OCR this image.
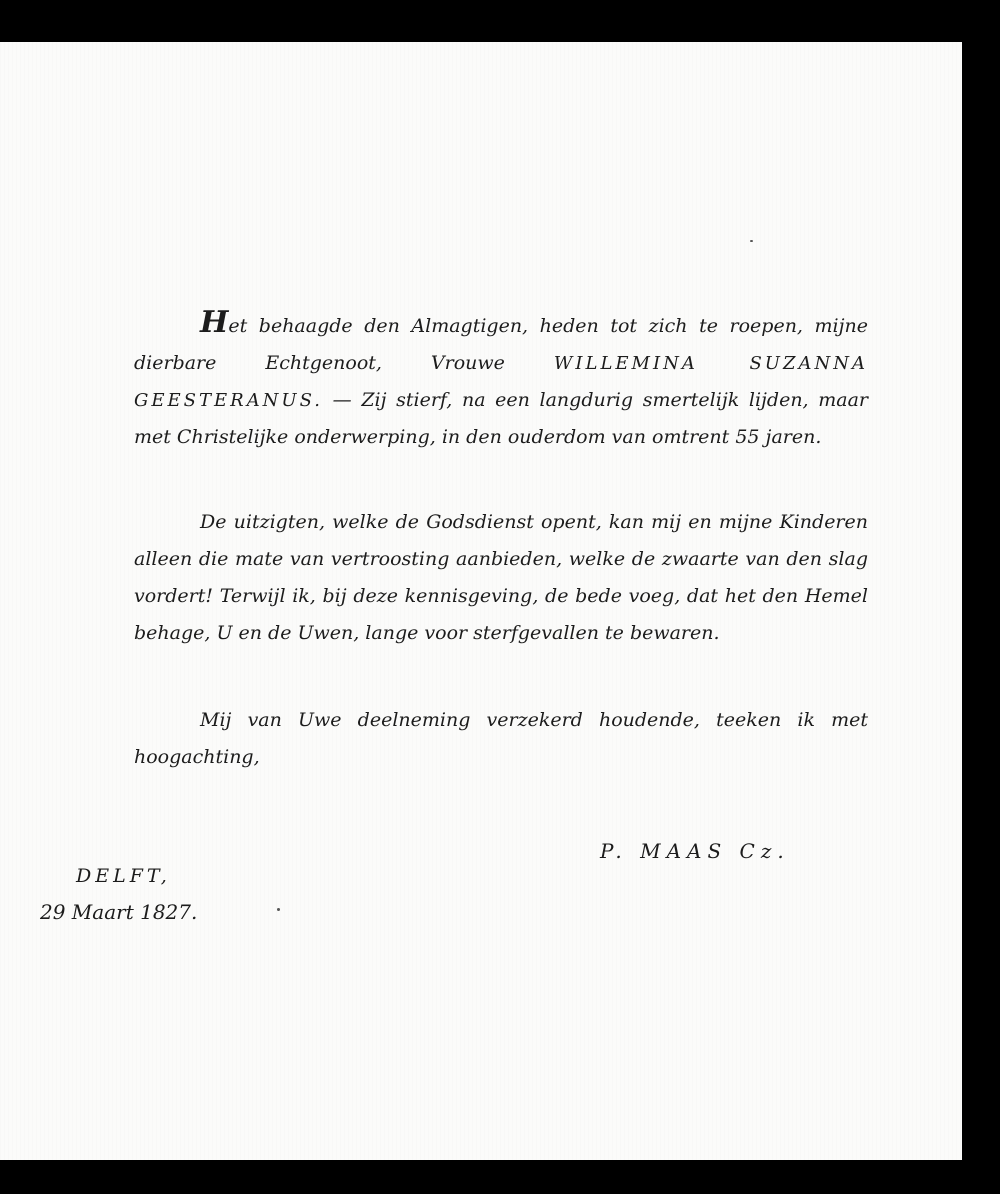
Het behaagde den Almagtigen, heden tot zich te roepen, mijne dierbare Echtgenoot, Vrouwe WILLEMINA SUZANNA GEESTERANUS. — Zij stierf, na een langdurig smertelijk lijden, maar met Christelijke onderwerping, in den ouderdom van omtrent 55 jaren.

De uitzigten, welke de Godsdienst opent, kan mij en mijne Kinderen alleen die mate van vertroosting aanbieden, welke de zwaarte van den slag vordert! Terwijl ik, bij deze kennisgeving, de bede voeg, dat het den Hemel behage, U en de Uwen, lange voor sterfgevallen te bewaren.

Mij van Uwe deelneming verzekerd houdende, teeken ik met hoogachting,

P. MAAS Cz.

DELFT,

29 Maart 1827.
